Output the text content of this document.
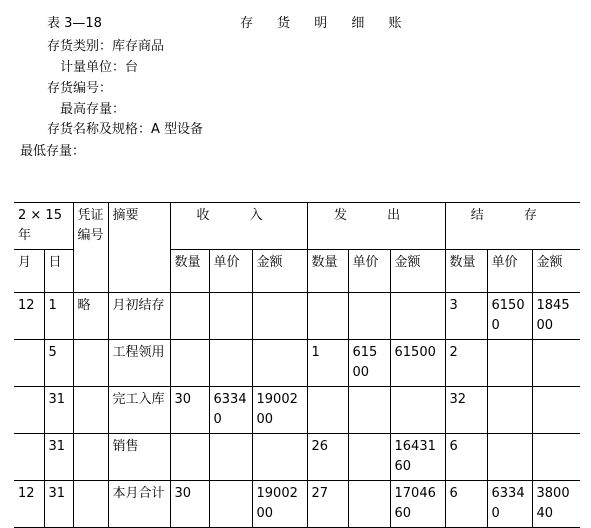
表 3—18	存 货 明 细 账
存货类别：库存商品
计量单位：台
存货编号：
最高存量：
存货名称及规格：A 型设备
最低存量：
2 × 15 年		凭证编号	摘要	收 入			发 出			结 存		
月	日			数量	单价	金额	数量	单价	金额	数量	单价	金额
12	1	略	月初结存							3	61500	184500
	5		工程领用				1	61500	61500	2		
	31		完工入库	30	63340	1900200				32		
	31		销售				26		1643160	6		
12	31		本月合计	30		1900200	27		1704660	6	63340	380040
